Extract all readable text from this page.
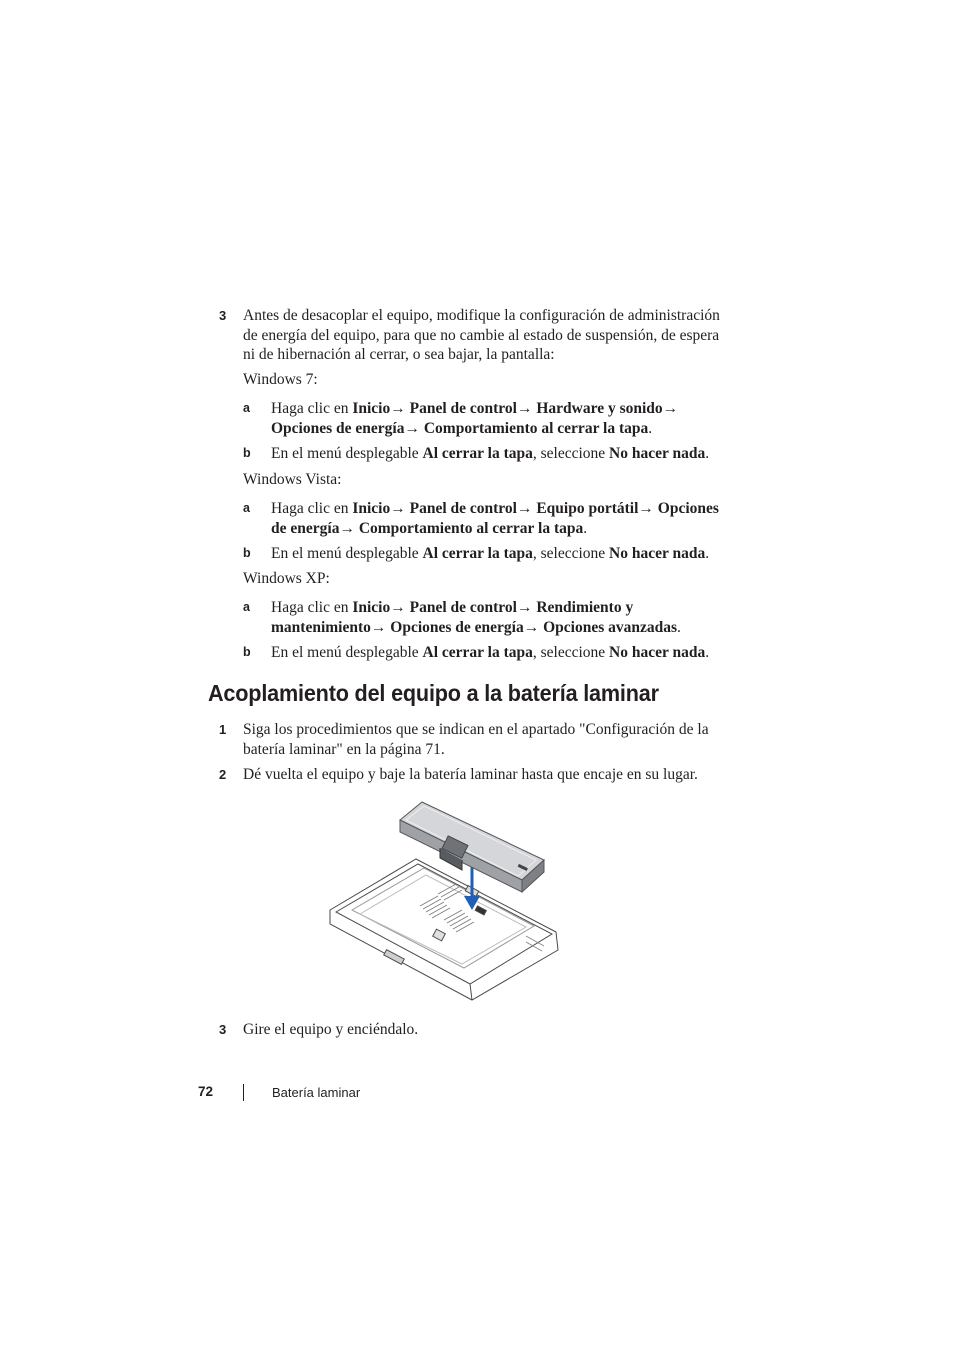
3 Antes de desacoplar el equipo, modifique la configuración de administración de energía del equipo, para que no cambie al estado de suspensión, de espera ni de hibernación al cerrar, o sea bajar, la pantalla:
Windows 7:
a Haga clic en Inicio→ Panel de control→ Hardware y sonido→ Opciones de energía→ Comportamiento al cerrar la tapa.
b En el menú desplegable Al cerrar la tapa, seleccione No hacer nada.
Windows Vista:
a Haga clic en Inicio→ Panel de control→ Equipo portátil→ Opciones de energía→ Comportamiento al cerrar la tapa.
b En el menú desplegable Al cerrar la tapa, seleccione No hacer nada.
Windows XP:
a Haga clic en Inicio→ Panel de control→ Rendimiento y mantenimiento→ Opciones de energía→ Opciones avanzadas.
b En el menú desplegable Al cerrar la tapa, seleccione No hacer nada.
Acoplamiento del equipo a la batería laminar
1 Siga los procedimientos que se indican en el apartado "Configuración de la batería laminar" en la página 71.
2 Dé vuelta el equipo y baje la batería laminar hasta que encaje en su lugar.
3 Gire el equipo y enciéndalo.
72	Batería laminar
